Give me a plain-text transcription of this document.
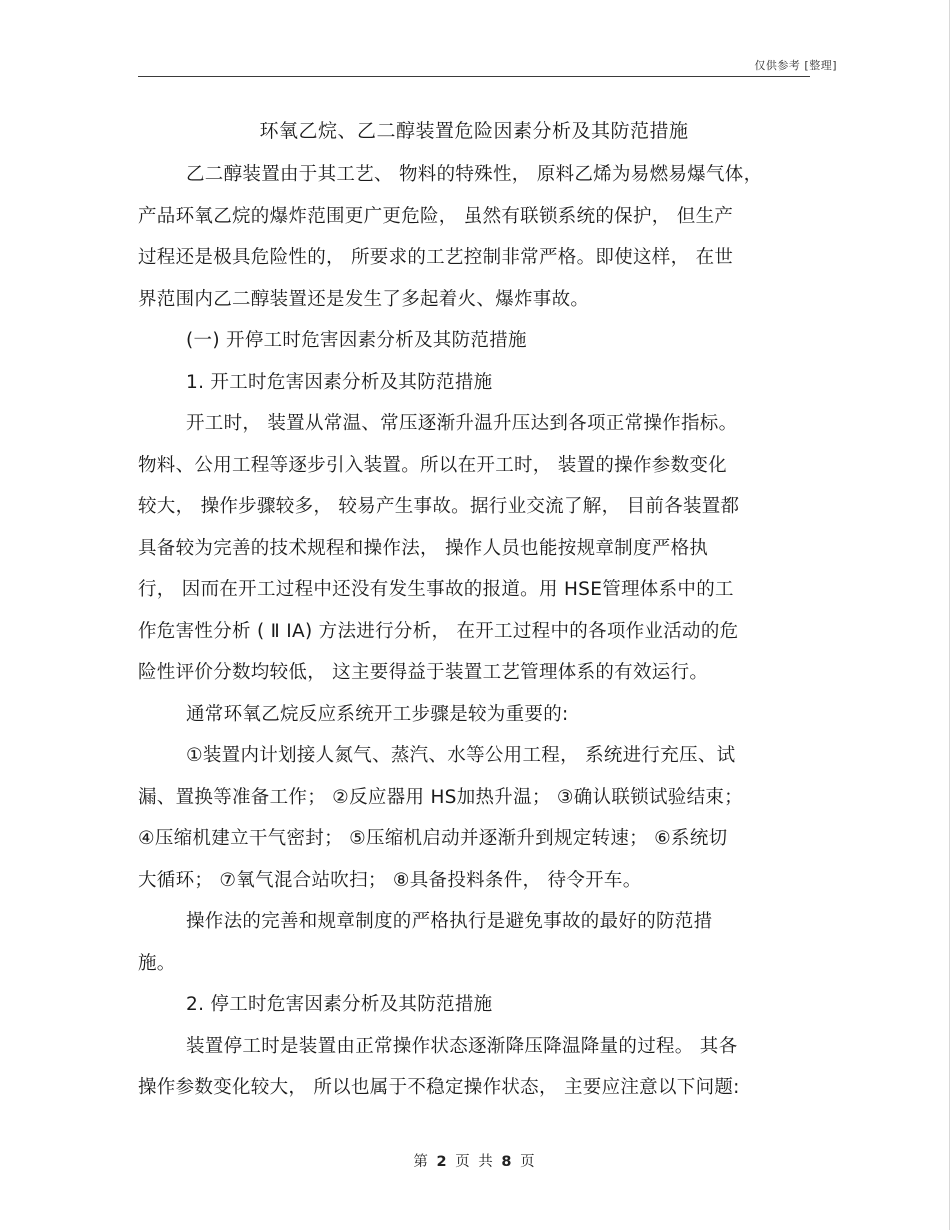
仅供参考 [整理]
环氧乙烷、乙二醇装置危险因素分析及其防范措施
乙二醇装置由于其工艺、 物料的特殊性， 原料乙烯为易燃易爆气体，
产品环氧乙烷的爆炸范围更广更危险， 虽然有联锁系统的保护， 但生产
过程还是极具危险性的， 所要求的工艺控制非常严格。即使这样， 在世
界范围内乙二醇装置还是发生了多起着火、爆炸事故。
(一) 开停工时危害因素分析及其防范措施
1. 开工时危害因素分析及其防范措施
开工时， 装置从常温、常压逐渐升温升压达到各项正常操作指标。
物料、公用工程等逐步引入装置。所以在开工时， 装置的操作参数变化
较大， 操作步骤较多， 较易产生事故。据行业交流了解， 目前各装置都
具备较为完善的技术规程和操作法， 操作人员也能按规章制度严格执
行， 因而在开工过程中还没有发生事故的报道。用 HSE管理体系中的工
作危害性分析 ( Ⅱ IA) 方法进行分析， 在开工过程中的各项作业活动的危
险性评价分数均较低， 这主要得益于装置工艺管理体系的有效运行。
通常环氧乙烷反应系统开工步骤是较为重要的:
①装置内计划接人氮气、蒸汽、水等公用工程， 系统进行充压、试
漏、置换等准备工作； ②反应器用 HS加热升温； ③确认联锁试验结束；
④压缩机建立干气密封； ⑤压缩机启动并逐渐升到规定转速； ⑥系统切
大循环； ⑦氧气混合站吹扫； ⑧具备投料条件， 待令开车。
操作法的完善和规章制度的严格执行是避免事故的最好的防范措
施。
2. 停工时危害因素分析及其防范措施
装置停工时是装置由正常操作状态逐渐降压降温降量的过程。 其各
操作参数变化较大， 所以也属于不稳定操作状态， 主要应注意以下问题:
第 2 页 共 8 页
